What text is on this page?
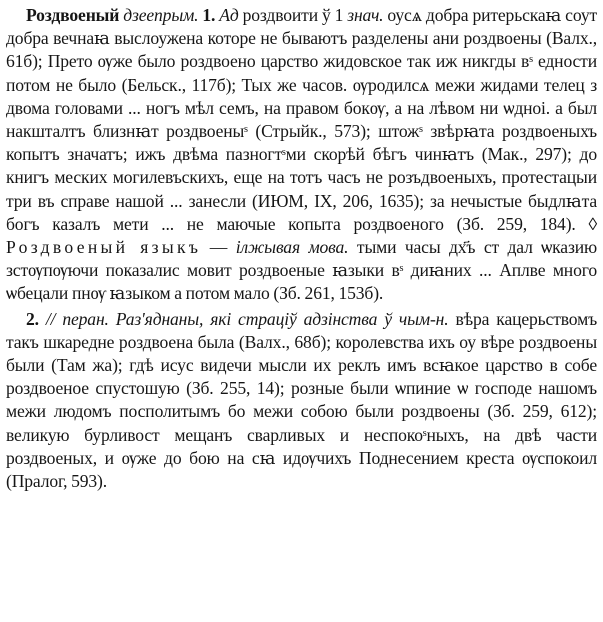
Роздвоеный дзеепрым. 1. Ад роздвоити ў 1 знач. оусѧ добра ритерьскаꙗ соут добра вечнаꙗ выслоужена которе не бываютъ разделены ани роздвоены (Валх., 61б); Прето ѹже было роздвоено царство жидовское так иж никгды вˢ едности потом не было (Бельск., 117б); Тых же часов. ѹродилсѧ межи жидами телец з двома головами ... ногъ мѣл семъ, на правом бокѹ, а на лѣвом ни ѡдноі. а был накшталтъ близнꙗт роздвоеныˢ (Стрыйк., 573); штожˢ звѣрꙗта роздвоеныхъ копытъ значатъ; ижъ двѣма пазногтˢми скорѣй бѣгъ чинꙗтъ (Мак., 297); до книгъ меских могилевъскихъ, еще на тотъ часъ не розъдвоеныхъ, протестацыи три въ справе нашой ... занесли (ИЮМ, IX, 206, 1635); за нечыстые быдлꙗта богъ казалъ мети ... не маючые копыта роздвоеного (Зб. 259, 184). ◊ Роздвоеный языкъ — ілжывая мова. тыми часы дх҃ъ ст дал ѡказию зстѹпѹючи показалис мовит роздвоеные ꙗзыки вˢ диꙗних ... Аплве много ѡбецали пнѹ ꙗзыком а потом мало (Зб. 261, 153б).

2. // перан. Раз'яднаны, які страціў адзінства ў чым-н. вѣра кацерьствомъ такъ шкаредне роздвоена была (Валх., 68б); королевства ихъ оу вѣре роздвоены были (Там жа); гдѣ исус видечи мысли их реклъ имъ всꙗкое царство в собе роздвоеное спустошую (Зб. 255, 14); розные были ѡпиние ѡ господе нашомъ межи людомъ посполитымъ бо межи собою были роздвоены (Зб. 259, 612); великую бурливост мещанъ сварливых и неспокоˢныхъ, на двѣ части роздвоеных, и ѹже до бою на сꙗ идѹчихъ Поднесением креста ѹспокоил (Пралог, 593).
